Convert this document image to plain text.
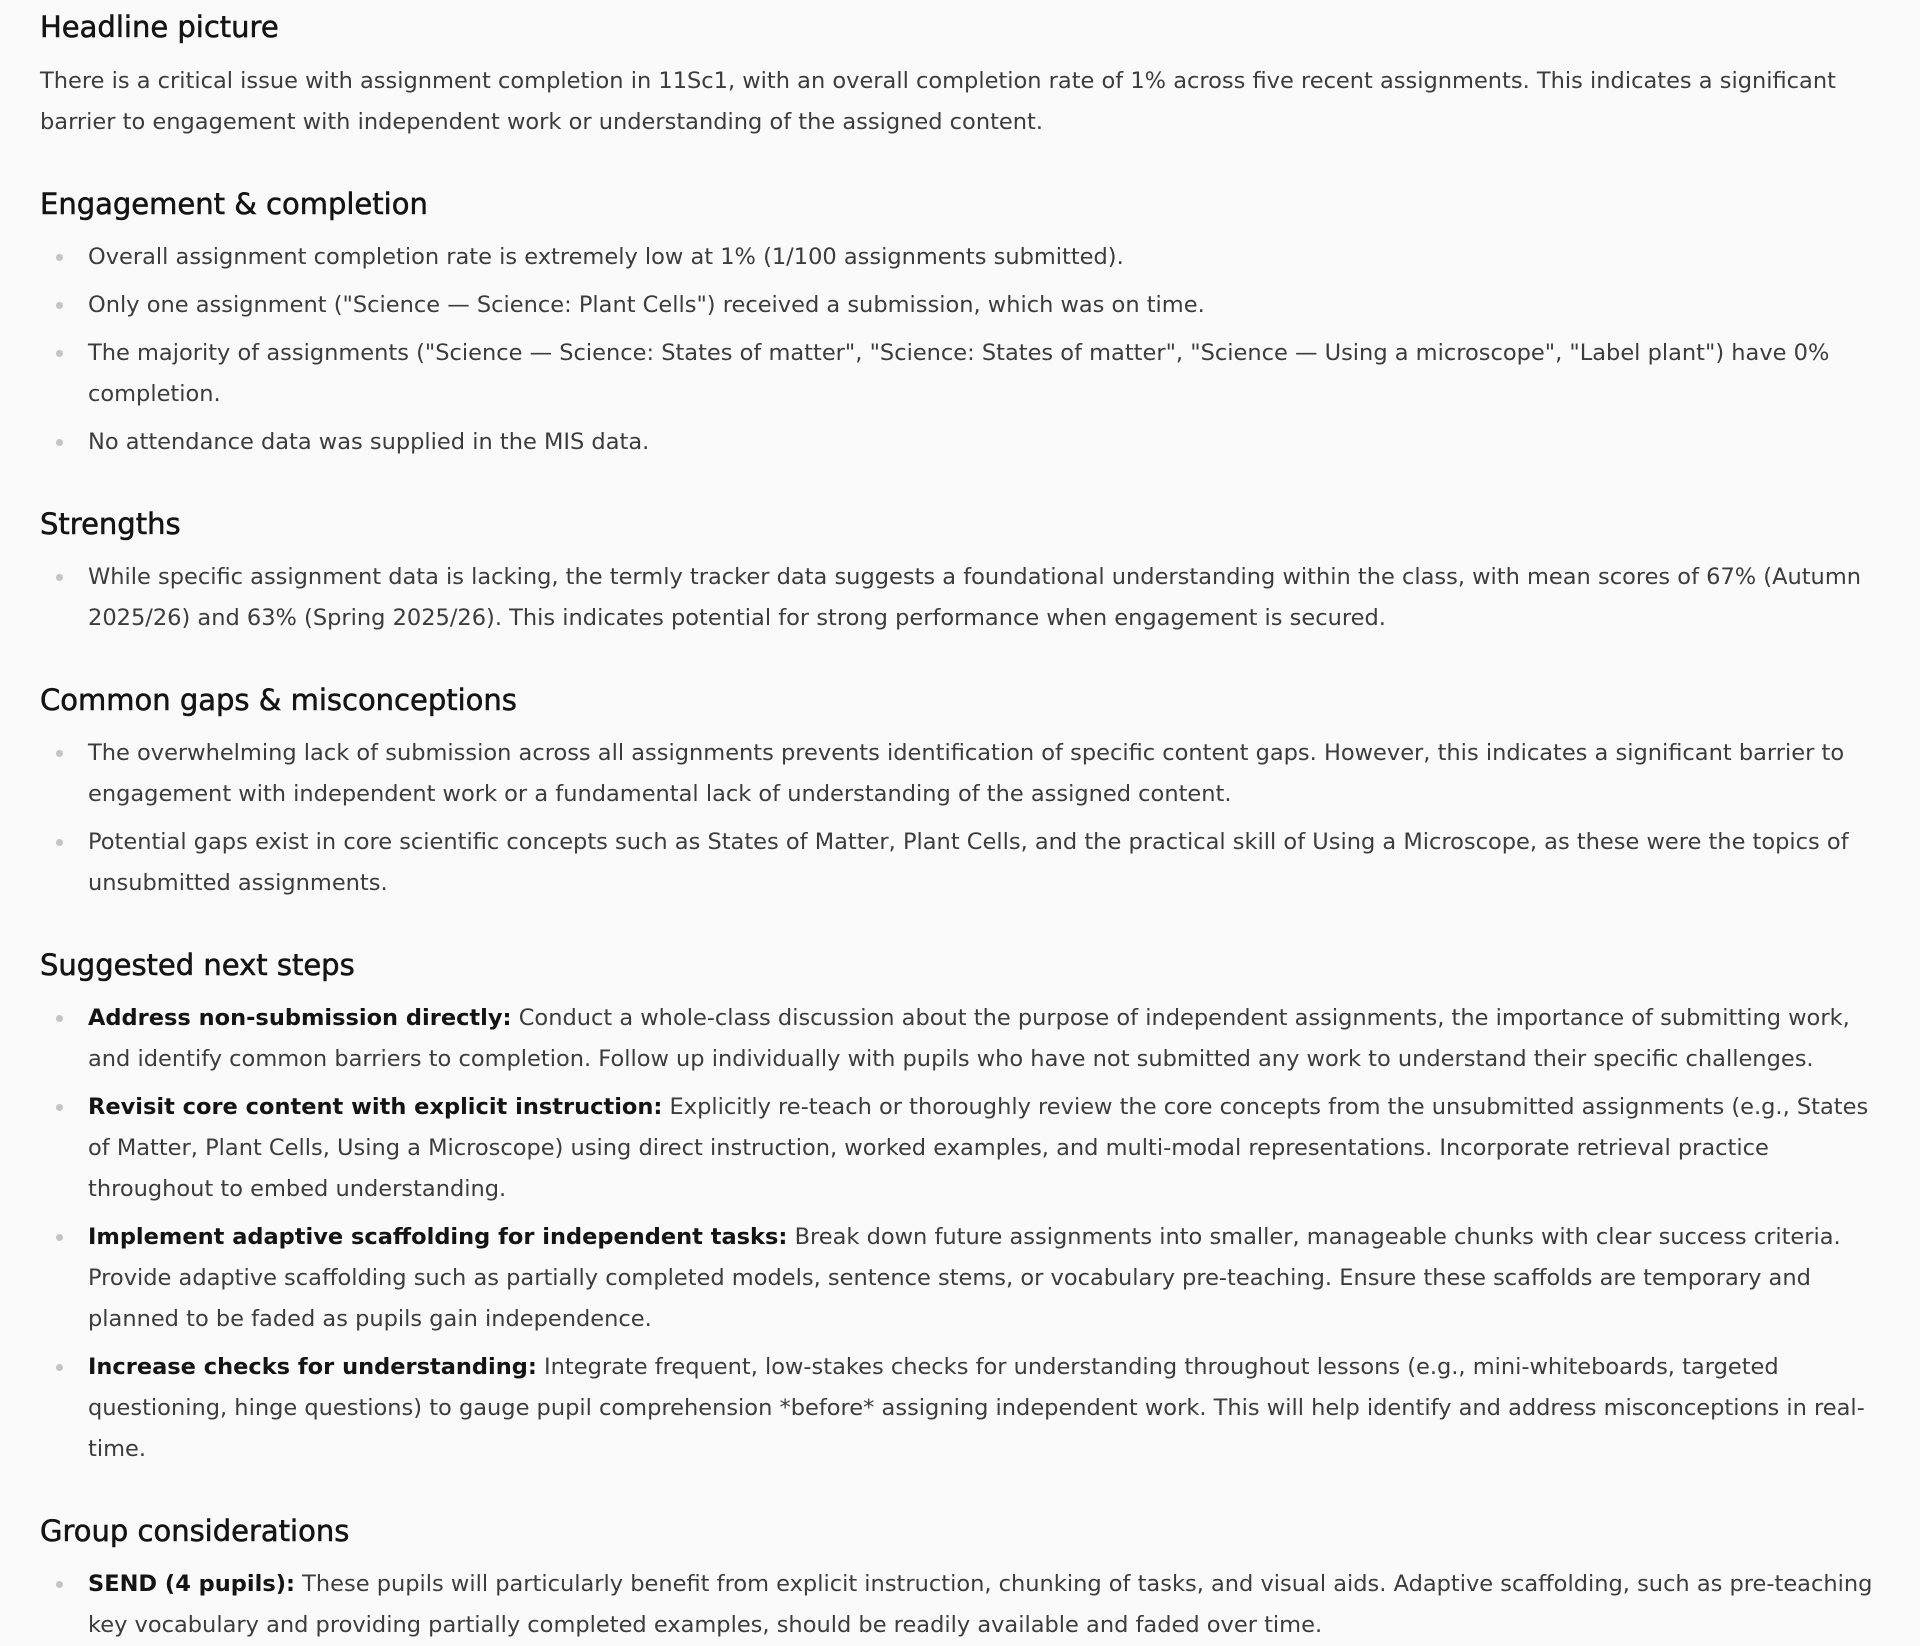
Headline picture

There is a critical issue with assignment completion in 11Sc1, with an overall completion rate of 1% across five recent assignments. This indicates a significant barrier to engagement with independent work or understanding of the assigned content.

Engagement & completion
Overall assignment completion rate is extremely low at 1% (1/100 assignments submitted).
Only one assignment ("Science — Science: Plant Cells") received a submission, which was on time.
The majority of assignments ("Science — Science: States of matter", "Science: States of matter", "Science — Using a microscope", "Label plant") have 0% completion.
No attendance data was supplied in the MIS data.
Strengths
While specific assignment data is lacking, the termly tracker data suggests a foundational understanding within the class, with mean scores of 67% (Autumn 2025/26) and 63% (Spring 2025/26). This indicates potential for strong performance when engagement is secured.
Common gaps & misconceptions
The overwhelming lack of submission across all assignments prevents identification of specific content gaps. However, this indicates a significant barrier to engagement with independent work or a fundamental lack of understanding of the assigned content.
Potential gaps exist in core scientific concepts such as States of Matter, Plant Cells, and the practical skill of Using a Microscope, as these were the topics of unsubmitted assignments.
Suggested next steps
Address non-submission directly: Conduct a whole-class discussion about the purpose of independent assignments, the importance of submitting work, and identify common barriers to completion. Follow up individually with pupils who have not submitted any work to understand their specific challenges.
Revisit core content with explicit instruction: Explicitly re-teach or thoroughly review the core concepts from the unsubmitted assignments (e.g., States of Matter, Plant Cells, Using a Microscope) using direct instruction, worked examples, and multi-modal representations. Incorporate retrieval practice throughout to embed understanding.
Implement adaptive scaffolding for independent tasks: Break down future assignments into smaller, manageable chunks with clear success criteria. Provide adaptive scaffolding such as partially completed models, sentence stems, or vocabulary pre-teaching. Ensure these scaffolds are temporary and planned to be faded as pupils gain independence.
Increase checks for understanding: Integrate frequent, low-stakes checks for understanding throughout lessons (e.g., mini-whiteboards, targeted questioning, hinge questions) to gauge pupil comprehension *before* assigning independent work. This will help identify and address misconceptions in real-time.
Group considerations
SEND (4 pupils): These pupils will particularly benefit from explicit instruction, chunking of tasks, and visual aids. Adaptive scaffolding, such as pre-teaching key vocabulary and providing partially completed examples, should be readily available and faded over time.
